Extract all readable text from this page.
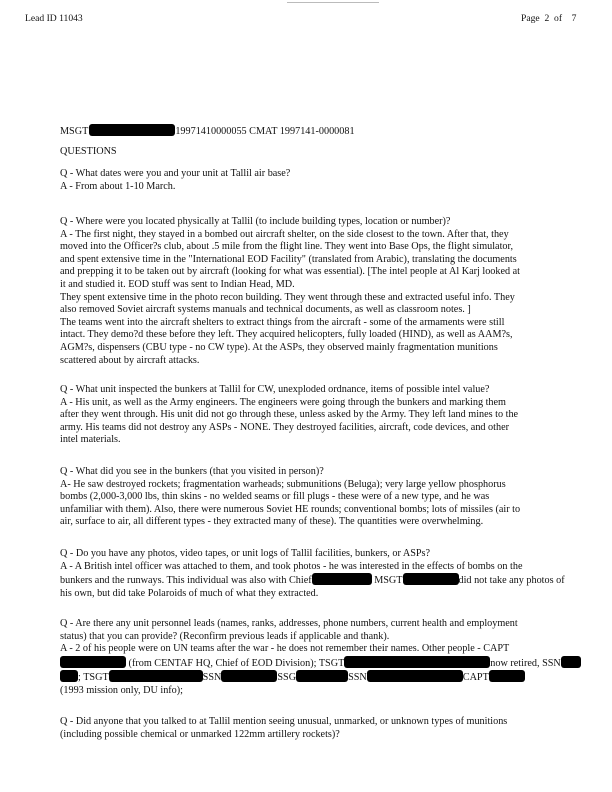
Lead ID 11043	Page 2 of 7
MSGT	19971410000055 CMAT 1997141-0000081
QUESTIONS
Q - What dates were you and your unit at Tallil air base?
A - From about 1-10 March.
Q - Where were you located physically at Tallil (to include building types, location or number)?
A - The first night, they stayed in a bombed out aircraft shelter, on the side closest to the town. After that, they
moved into the Officer?s club, about .5 mile from the flight line. They went into Base Ops, the flight simulator,
and spent extensive time in the "International EOD Facility" (translated from Arabic), translating the documents
and prepping it to be taken out by aircraft (looking for what was essential). [The intel people at Al Karj looked at
it and studied it. EOD stuff was sent to Indian Head, MD.
They spent extensive time in the photo recon building. They went through these and extracted useful info. They
also removed Soviet aircraft systems manuals and technical documents, as well as classroom notes. ]
The teams went into the aircraft shelters to extract things from the aircraft - some of the armaments were still
intact. They demo?d these before they left. They acquired helicopters, fully loaded (HIND), as well as AAM?s,
AGM?s, dispensers (CBU type - no CW type). At the ASPs, they observed mainly fragmentation munitions
scattered about by aircraft attacks.
Q - What unit inspected the bunkers at Tallil for CW, unexploded ordnance, items of possible intel value?
A - His unit, as well as the Army engineers. The engineers were going through the bunkers and marking them
after they went through. His unit did not go through these, unless asked by the Army. They left land mines to the
army. His teams did not destroy any ASPs - NONE. They destroyed facilities, aircraft, code devices, and other
intel materials.
Q - What did you see in the bunkers (that you visited in person)?
A- He saw destroyed rockets; fragmentation warheads; submunitions (Beluga); very large yellow phosphorus
bombs (2,000-3,000 lbs, thin skins - no welded seams or fill plugs - these were of a new type, and he was
unfamiliar with them). Also, there were numerous Soviet HE rounds; conventional bombs; lots of missiles (air to
air, surface to air, all different types - they extracted many of these). The quantities were overwhelming.
Q - Do you have any photos, video tapes, or unit logs of Tallil facilities, bunkers, or ASPs?
A - A British intel officer was attached to them, and took photos - he was interested in the effects of bombs on the
bunkers and the runways. This individual was also with Chief	MSGT	did not take any photos of
his own, but did take Polaroids of much of what they extracted.
Q - Are there any unit personnel leads (names, ranks, addresses, phone numbers, current health and employment
status) that you can provide? (Reconfirm previous leads if applicable and thank).
A - 2 of his people were on UN teams after the war - he does not remember their names. Other people - CAPT
(from CENTAF HQ, Chief of EOD Division); TSGT	now retired, SSN
; TSGT	SSN	SSG	SSN	CAPT
(1993 mission only, DU info);
Q - Did anyone that you talked to at Tallil mention seeing unusual, unmarked, or unknown types of munitions
(including possible chemical or unmarked 122mm artillery rockets)?
